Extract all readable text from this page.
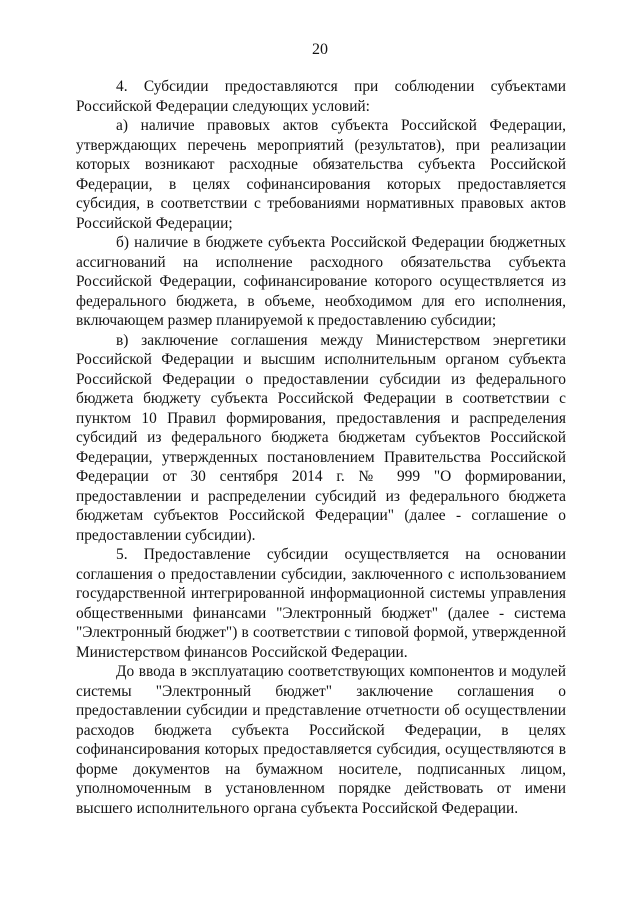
20

4. Субсидии предоставляются при соблюдении субъектами Российской Федерации следующих условий:

а) наличие правовых актов субъекта Российской Федерации, утверждающих перечень мероприятий (результатов), при реализации которых возникают расходные обязательства субъекта Российской Федерации, в целях софинансирования которых предоставляется субсидия, в соответствии с требованиями нормативных правовых актов Российской Федерации;

б) наличие в бюджете субъекта Российской Федерации бюджетных ассигнований на исполнение расходного обязательства субъекта Российской Федерации, софинансирование которого осуществляется из федерального бюджета, в объеме, необходимом для его исполнения, включающем размер планируемой к предоставлению субсидии;

в) заключение соглашения между Министерством энергетики Российской Федерации и высшим исполнительным органом субъекта Российской Федерации о предоставлении субсидии из федерального бюджета бюджету субъекта Российской Федерации в соответствии с пунктом 10 Правил формирования, предоставления и распределения субсидий из федерального бюджета бюджетам субъектов Российской Федерации, утвержденных постановлением Правительства Российской Федерации от 30 сентября 2014 г. № 999 "О формировании, предоставлении и распределении субсидий из федерального бюджета бюджетам субъектов Российской Федерации" (далее - соглашение о предоставлении субсидии).

5. Предоставление субсидии осуществляется на основании соглашения о предоставлении субсидии, заключенного с использованием государственной интегрированной информационной системы управления общественными финансами "Электронный бюджет" (далее - система "Электронный бюджет") в соответствии с типовой формой, утвержденной Министерством финансов Российской Федерации.

До ввода в эксплуатацию соответствующих компонентов и модулей системы "Электронный бюджет" заключение соглашения о предоставлении субсидии и представление отчетности об осуществлении расходов бюджета субъекта Российской Федерации, в целях софинансирования которых предоставляется субсидия, осуществляются в форме документов на бумажном носителе, подписанных лицом, уполномоченным в установленном порядке действовать от имени высшего исполнительного органа субъекта Российской Федерации.
